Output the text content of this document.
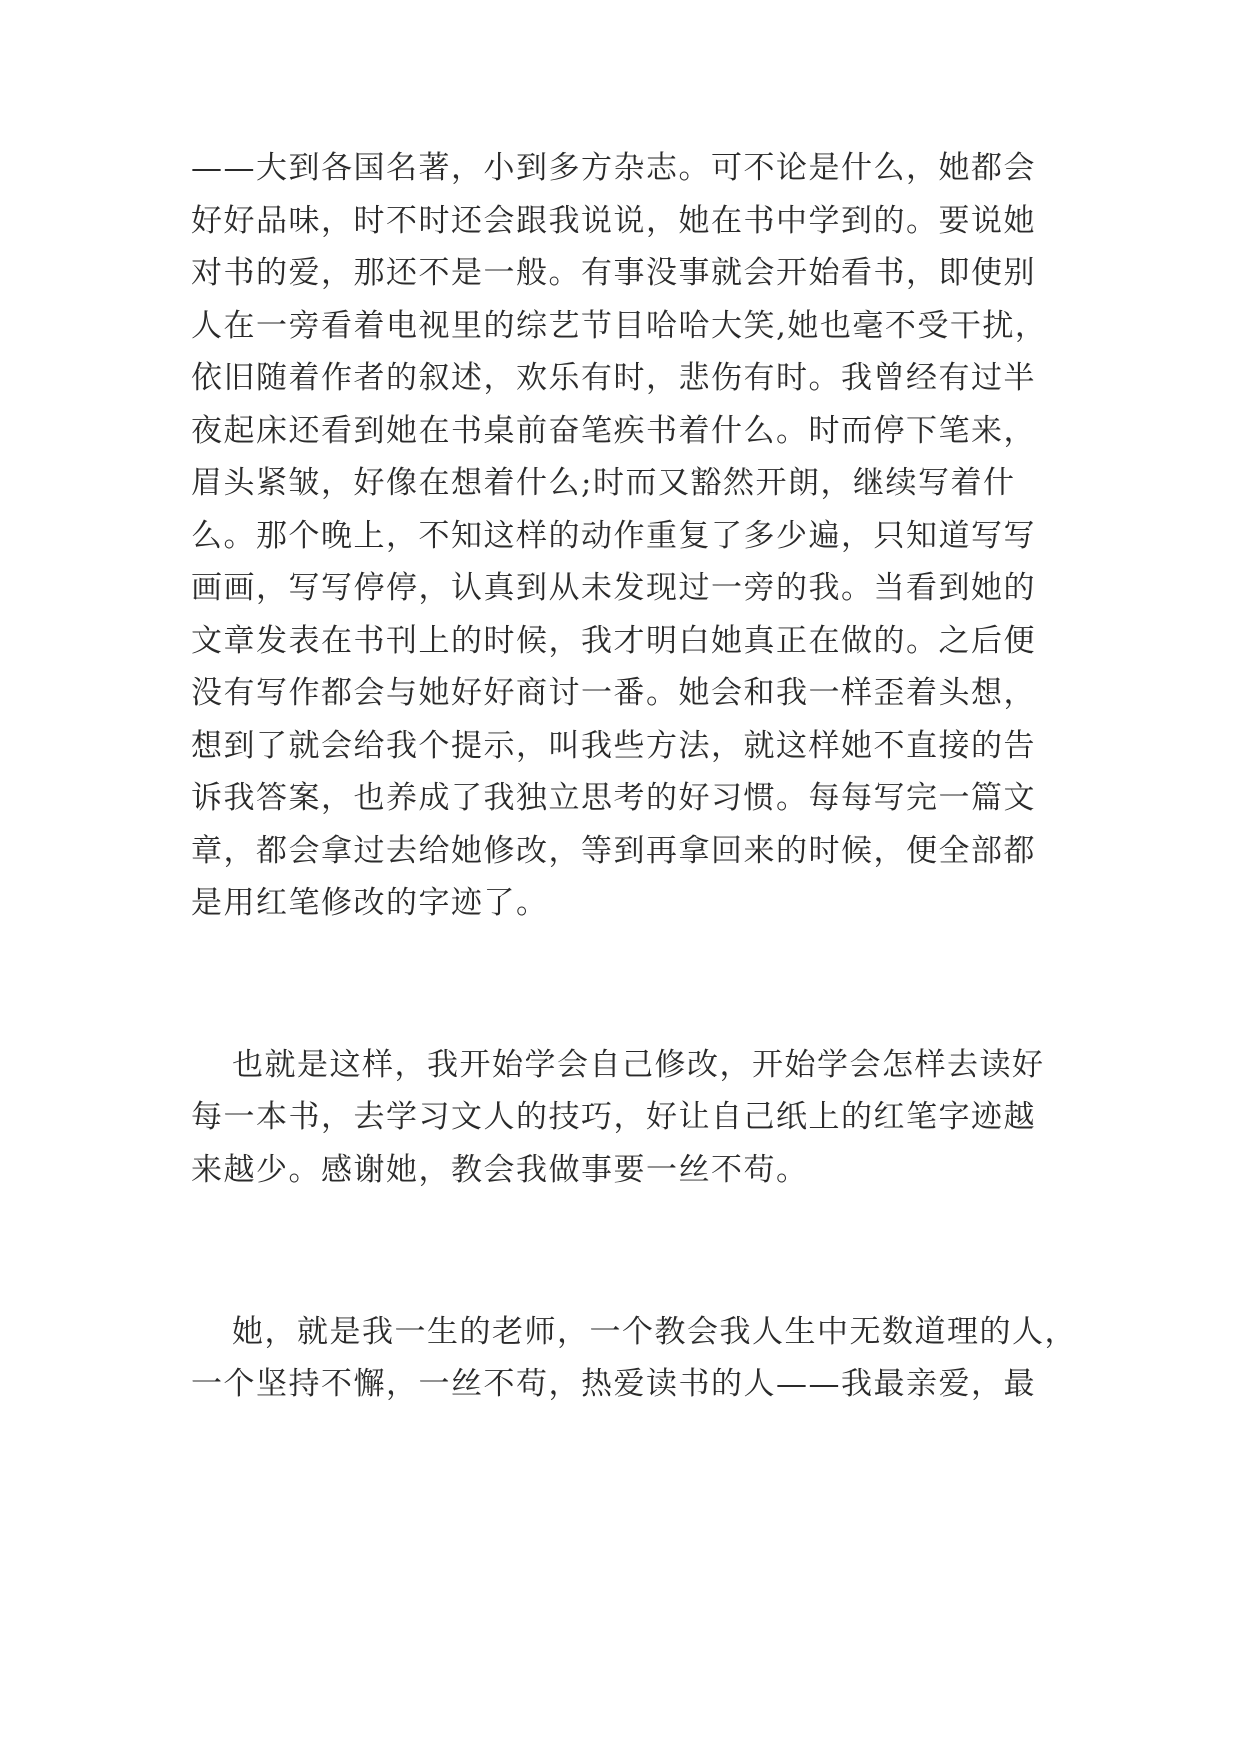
——大到各国名著，小到多方杂志。可不论是什么，她都会
好好品味，时不时还会跟我说说，她在书中学到的。要说她
对书的爱，那还不是一般。有事没事就会开始看书，即使别
人在一旁看着电视里的综艺节目哈哈大笑,她也毫不受干扰，
依旧随着作者的叙述，欢乐有时，悲伤有时。我曾经有过半
夜起床还看到她在书桌前奋笔疾书着什么。时而停下笔来，
眉头紧皱，好像在想着什么;时而又豁然开朗，继续写着什
么。那个晚上，不知这样的动作重复了多少遍，只知道写写
画画，写写停停，认真到从未发现过一旁的我。当看到她的
文章发表在书刊上的时候，我才明白她真正在做的。之后便
没有写作都会与她好好商讨一番。她会和我一样歪着头想，
想到了就会给我个提示，叫我些方法，就这样她不直接的告
诉我答案，也养成了我独立思考的好习惯。每每写完一篇文
章，都会拿过去给她修改，等到再拿回来的时候，便全部都
是用红笔修改的字迹了。
也就是这样，我开始学会自己修改，开始学会怎样去读好
每一本书，去学习文人的技巧，好让自己纸上的红笔字迹越
来越少。感谢她，教会我做事要一丝不苟。
她，就是我一生的老师，一个教会我人生中无数道理的人，
一个坚持不懈，一丝不苟，热爱读书的人——我最亲爱，最
